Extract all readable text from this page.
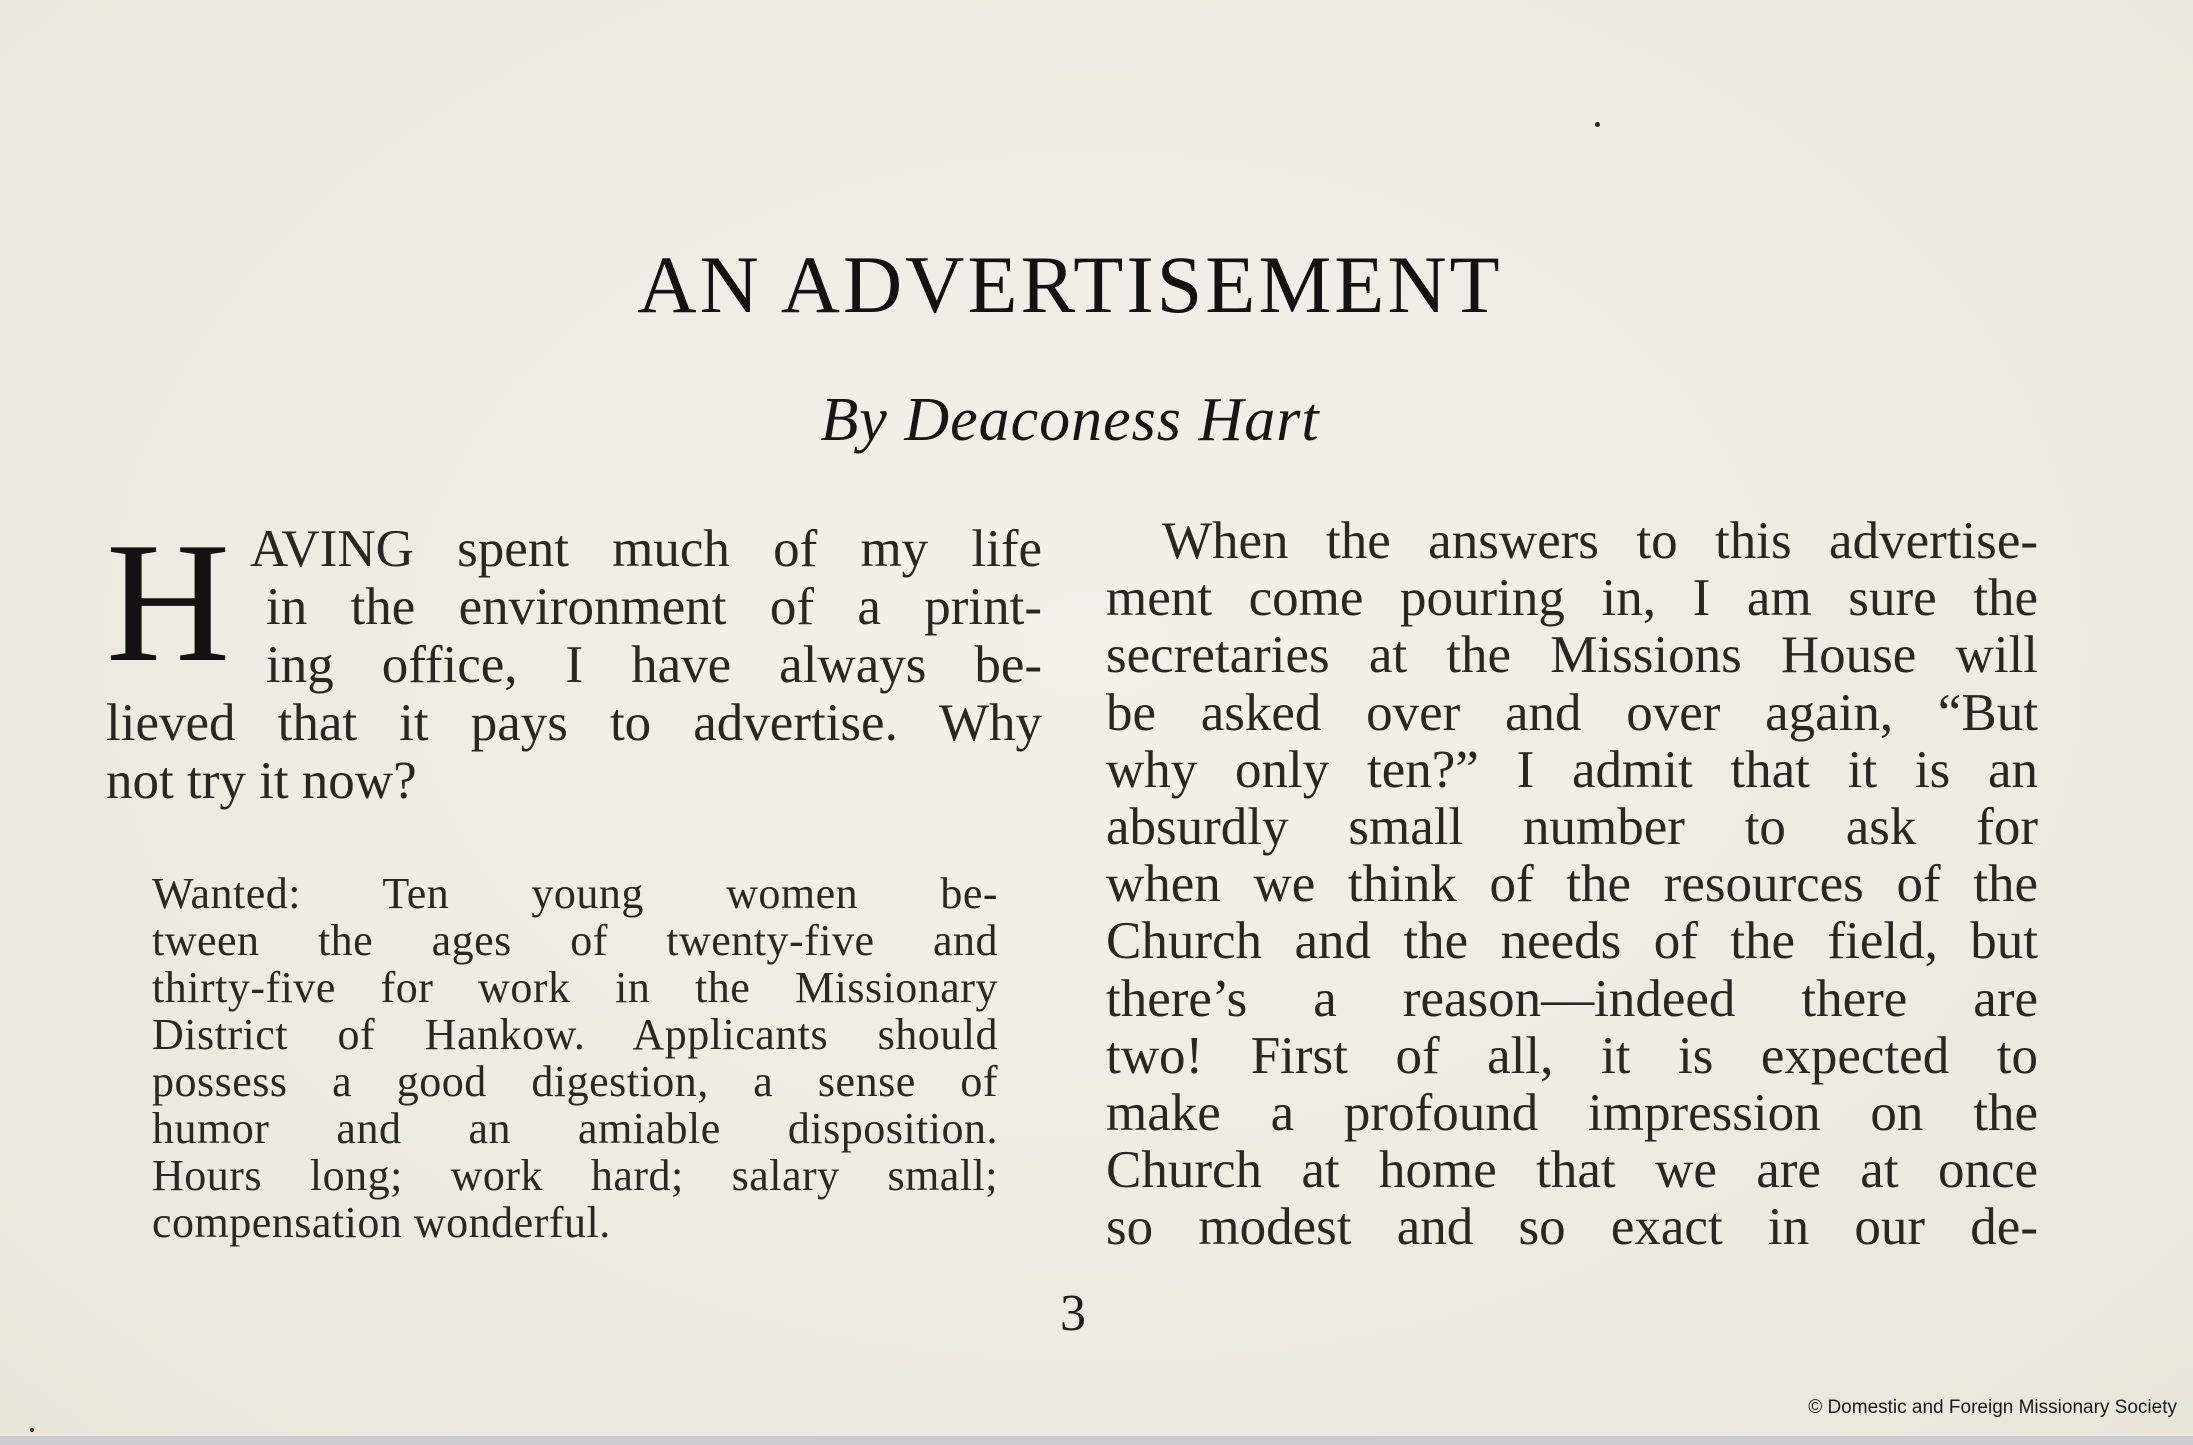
AN ADVERTISEMENT
By Deaconess Hart
H AVING spent much of my life
in the environment of a print-
ing office, I have always be-
lieved that it pays to advertise. Why
not try it now?

Wanted: Ten young women be-
tween the ages of twenty-five and
thirty-five for work in the Missionary
District of Hankow. Applicants should
possess a good digestion, a sense of
humor and an amiable disposition.
Hours long; work hard; salary small;
compensation wonderful.
When the answers to this advertise-
ment come pouring in, I am sure the
secretaries at the Missions House will
be asked over and over again, “But
why only ten?” I admit that it is an
absurdly small number to ask for
when we think of the resources of the
Church and the needs of the field, but
there’s a reason—indeed there are
two! First of all, it is expected to
make a profound impression on the
Church at home that we are at once
so modest and so exact in our de-
3
© Domestic and Foreign Missionary Society
